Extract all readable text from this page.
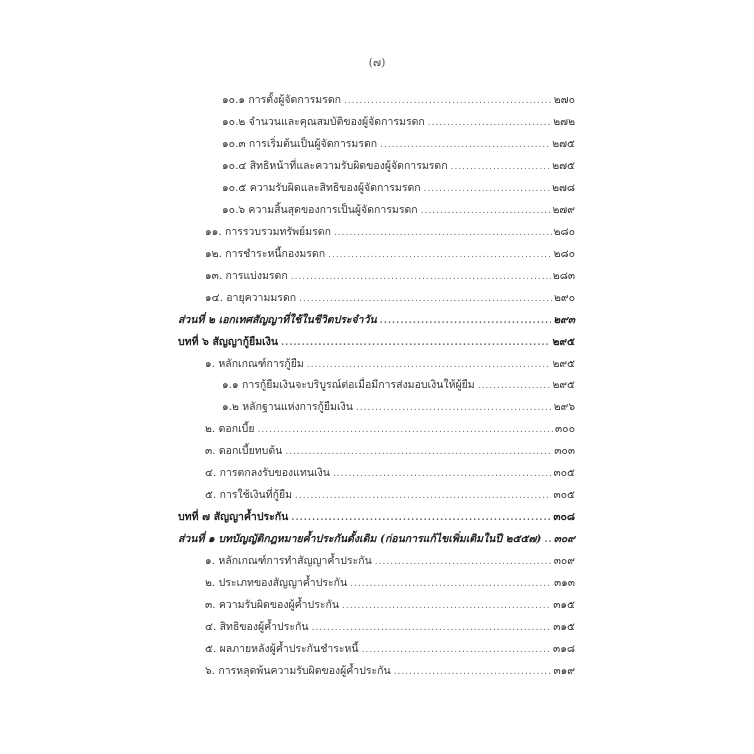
(๗)
๑๐.๑ การตั้งผู้จัดการมรดก .....	๒๗๐
๑๐.๒ จำนวนและคุณสมบัติของผู้จัดการมรดก .....	๒๗๒
๑๐.๓ การเริ่มต้นเป็นผู้จัดการมรดก .....	๒๗๕
๑๐.๔ สิทธิหน้าที่และความรับผิดของผู้จัดการมรดก .....	๒๗๕
๑๐.๕ ความรับผิดและสิทธิของผู้จัดการมรดก .....	๒๗๘
๑๐.๖ ความสิ้นสุดของการเป็นผู้จัดการมรดก .....	๒๗๙
๑๑. การรวบรวมทรัพย์มรดก .....	๒๘๐
๑๒. การชำระหนี้กองมรดก .....	๒๘๐
๑๓. การแบ่งมรดก .....	๒๘๓
๑๔. อายุความมรดก .....	๒๙๐
ส่วนที่ ๒ เอกเทศสัญญาที่ใช้ในชีวิตประจำวัน .....	๒๙๓
บทที่ ๖ สัญญากู้ยืมเงิน .....	๒๙๕
๑. หลักเกณฑ์การกู้ยืม .....	๒๙๕
๑.๑ การกู้ยืมเงินจะบริบูรณ์ต่อเมื่อมีการส่งมอบเงินให้ผู้ยืม .....	๒๙๕
๑.๒ หลักฐานแห่งการกู้ยืมเงิน .....	๒๙๖
๒. ดอกเบี้ย .....	๓๐๐
๓. ดอกเบี้ยทบต้น .....	๓๐๓
๔. การตกลงรับของแทนเงิน .....	๓๐๕
๕. การใช้เงินที่กู้ยืม .....	๓๐๕
บทที่ ๗ สัญญาค้ำประกัน .....	๓๐๘
ส่วนที่ ๑ บทบัญญัติกฎหมายค้ำประกันดั้งเดิม (ก่อนการแก้ไขเพิ่มเติมในปี ๒๕๕๗) ..... ๓๐๙
๑. หลักเกณฑ์การทำสัญญาค้ำประกัน .....	๓๐๙
๒. ประเภทของสัญญาค้ำประกัน .....	๓๑๓
๓. ความรับผิดของผู้ค้ำประกัน .....	๓๑๕
๔. สิทธิของผู้ค้ำประกัน .....	๓๑๕
๕. ผลภายหลังผู้ค้ำประกันชำระหนี้ .....	๓๑๘
๖. การหลุดพ้นความรับผิดของผู้ค้ำประกัน .....	๓๑๙
